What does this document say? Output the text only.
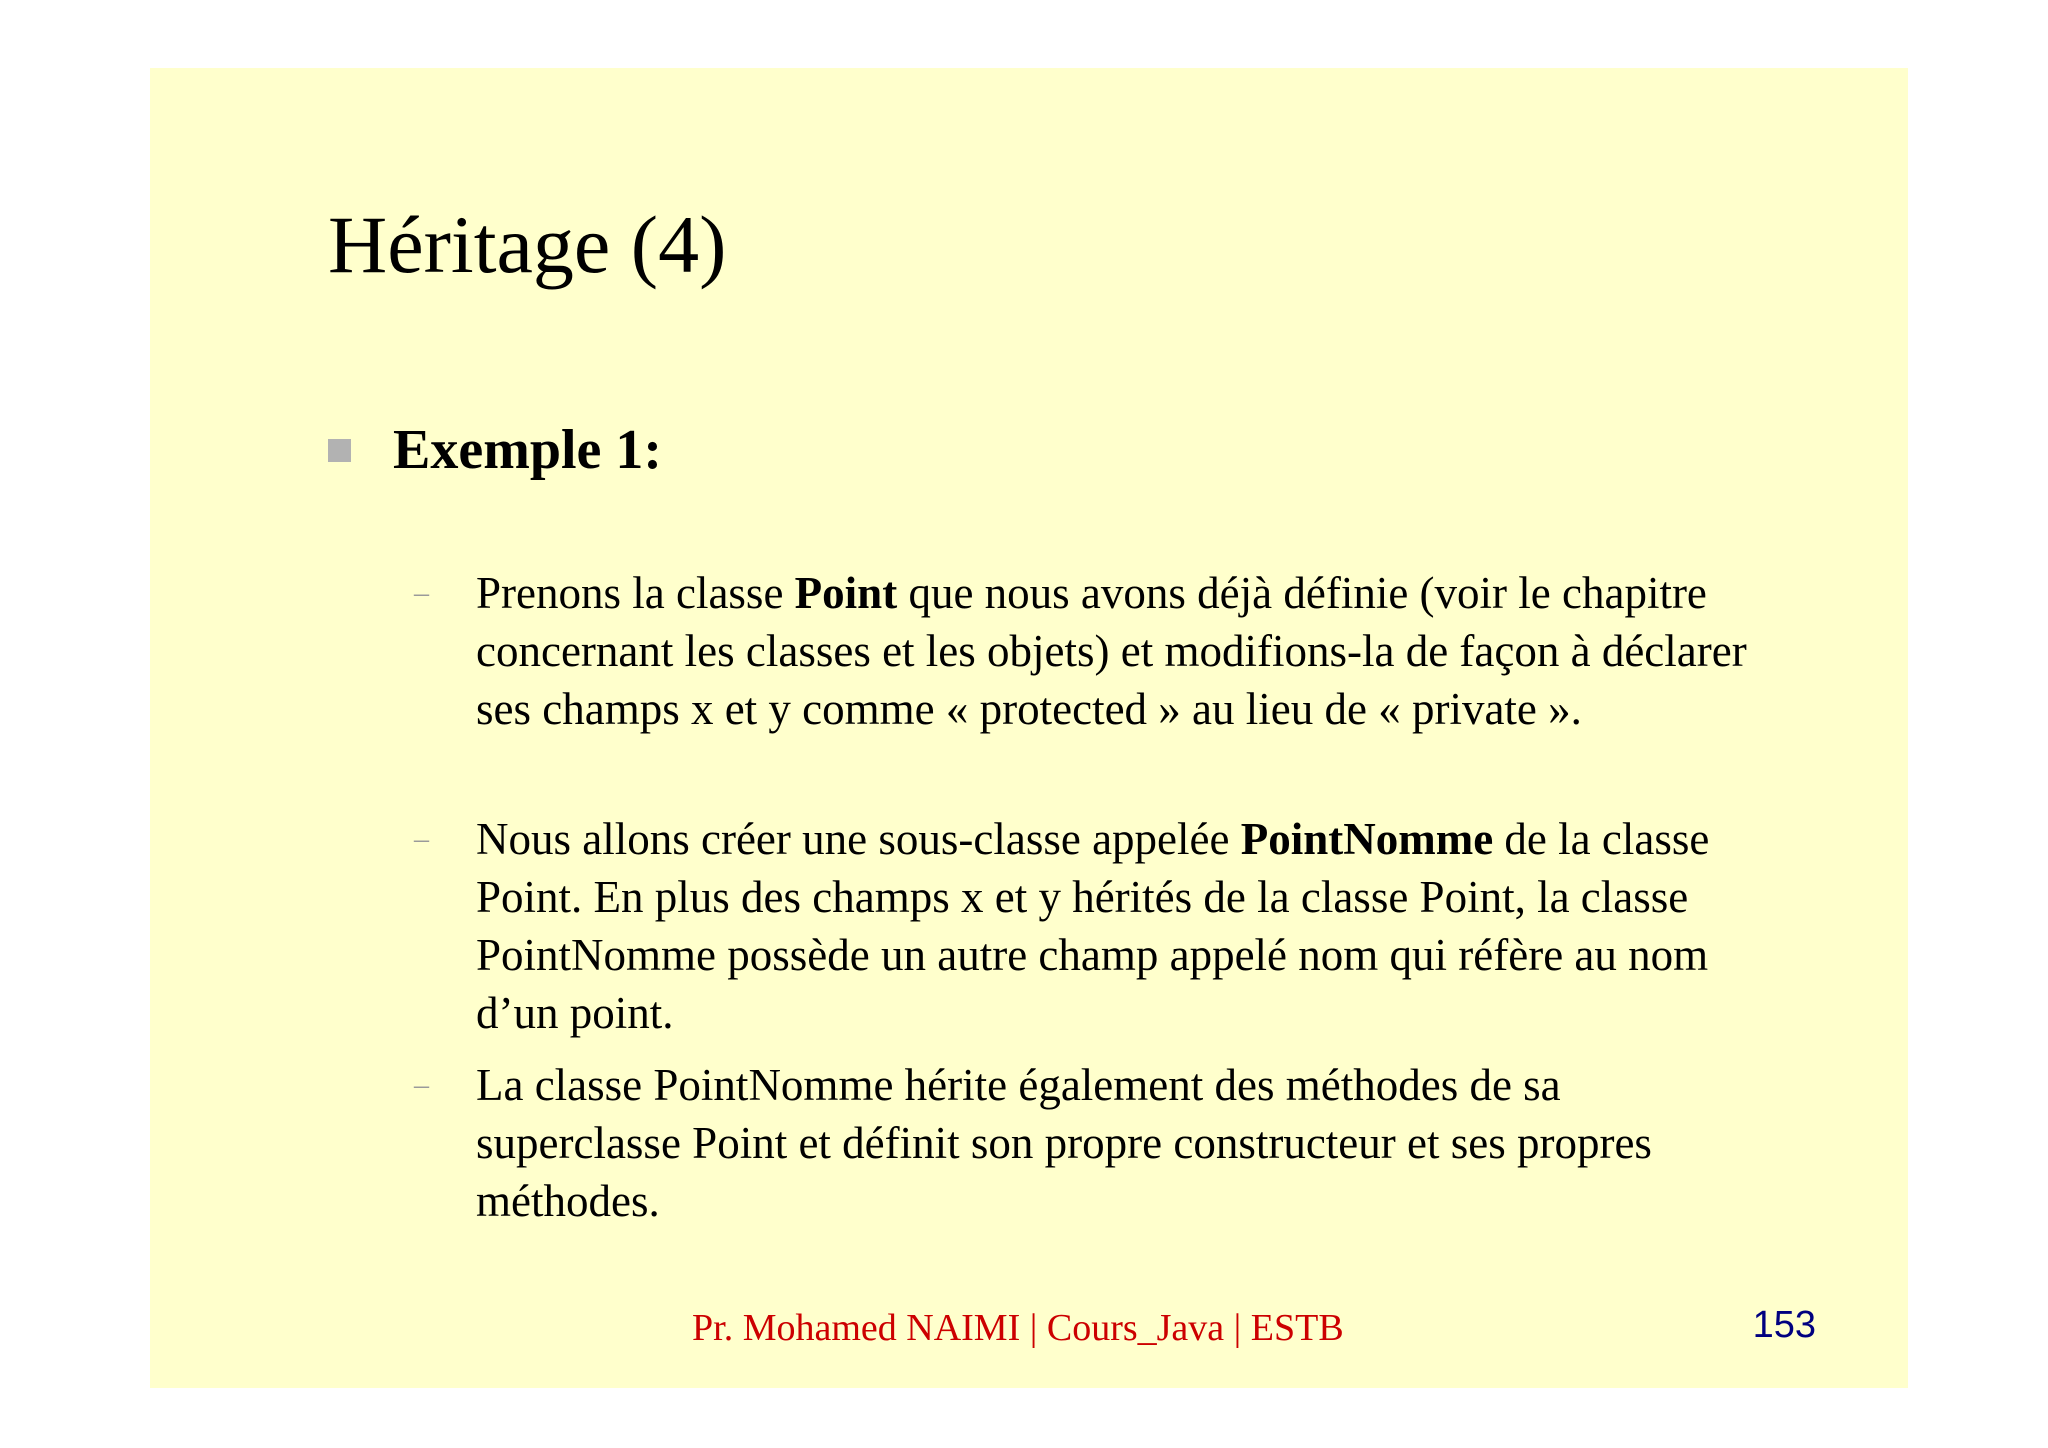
Héritage (4)
Exemple 1:
–	Prenons la classe Point que nous avons déjà définie (voir le chapitre concernant les classes et les objets) et modifions-la de façon à déclarer ses champs x et y comme « protected » au lieu de « private ».
–	Nous allons créer une sous-classe appelée PointNomme de la classe Point. En plus des champs x et y hérités de la classe Point, la classe PointNomme possède un autre champ appelé nom qui réfère au nom d’un point.
–	La classe PointNomme hérite également des méthodes de sa superclasse Point et définit son propre constructeur et ses propres méthodes.
Pr. Mohamed NAIMI | Cours_Java | ESTB	153
